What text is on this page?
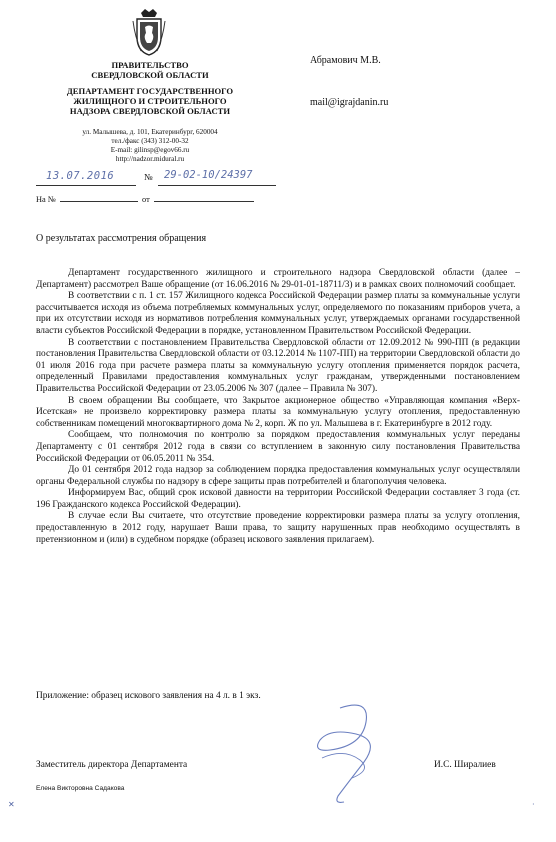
ПРАВИТЕЛЬСТВО
СВЕРДЛОВСКОЙ ОБЛАСТИ
ДЕПАРТАМЕНТ ГОСУДАРСТВЕННОГО
ЖИЛИЩНОГО И СТРОИТЕЛЬНОГО
НАДЗОРА СВЕРДЛОВСКОЙ ОБЛАСТИ
ул. Малышева, д. 101, Екатеринбург, 620004
тел./факс (343) 312-00-32
E-mail: gilinsp@egov66.ru
http://nadzor.midural.ru
13.07.2016	№ 29-02-10/24397
На №	от
Абрамович М.В.
mail@igrajdanin.ru
О результатах рассмотрения обращения

Департамент государственного жилищного и строительного надзора Свердловской области (далее – Департамент) рассмотрел Ваше обращение (от 16.06.2016 № 29-01-01-18711/3) и в рамках своих полномочий сообщает.

В соответствии с п. 1 ст. 157 Жилищного кодекса Российской Федерации размер платы за коммунальные услуги рассчитывается исходя из объема потребляемых коммунальных услуг, определяемого по показаниям приборов учета, а при их отсутствии исходя из нормативов потребления коммунальных услуг, утверждаемых органами государственной власти субъектов Российской Федерации в порядке, установленном Правительством Российской Федерации.

В соответствии с постановлением Правительства Свердловской области от 12.09.2012 № 990-ПП (в редакции постановления Правительства Свердловской области от 03.12.2014 № 1107-ПП) на территории Свердловской области до 01 июля 2016 года при расчете размера платы за коммунальную услугу отопления применяется порядок расчета, определенный Правилами предоставления коммунальных услуг гражданам, утвержденными постановлением Правительства Российской Федерации от 23.05.2006 № 307 (далее – Правила № 307).

В своем обращении Вы сообщаете, что Закрытое акционерное общество «Управляющая компания «Верх-Исетская» не произвело корректировку размера платы за коммунальную услугу отопления, предоставленную собственникам помещений многоквартирного дома № 2, корп. Ж по ул. Малышева в г. Екатеринбурге в 2012 году.

Сообщаем, что полномочия по контролю за порядком предоставления коммунальных услуг переданы Департаменту с 01 сентября 2012 года в связи со вступлением в законную силу постановления Правительства Российской Федерации от 06.05.2011 № 354.

До 01 сентября 2012 года надзор за соблюдением порядка предоставления коммунальных услуг осуществляли органы Федеральной службы по надзору в сфере защиты прав потребителей и благополучия человека.

Информируем Вас, общий срок исковой давности на территории Российской Федерации составляет 3 года (ст. 196 Гражданского кодекса Российской Федерации).

В случае если Вы считаете, что отсутствие проведение корректировки размера платы за услугу отопления, предоставленную в 2012 году, нарушает Ваши права, то защиту нарушенных прав необходимо осуществлять в претензионном и (или) в судебном порядке (образец искового заявления прилагаем).

Приложение: образец искового заявления на 4 л. в 1 экз.
Заместитель директора Департамента	И.С. Ширалиев
Елена Викторовна Садакова
✕	·
